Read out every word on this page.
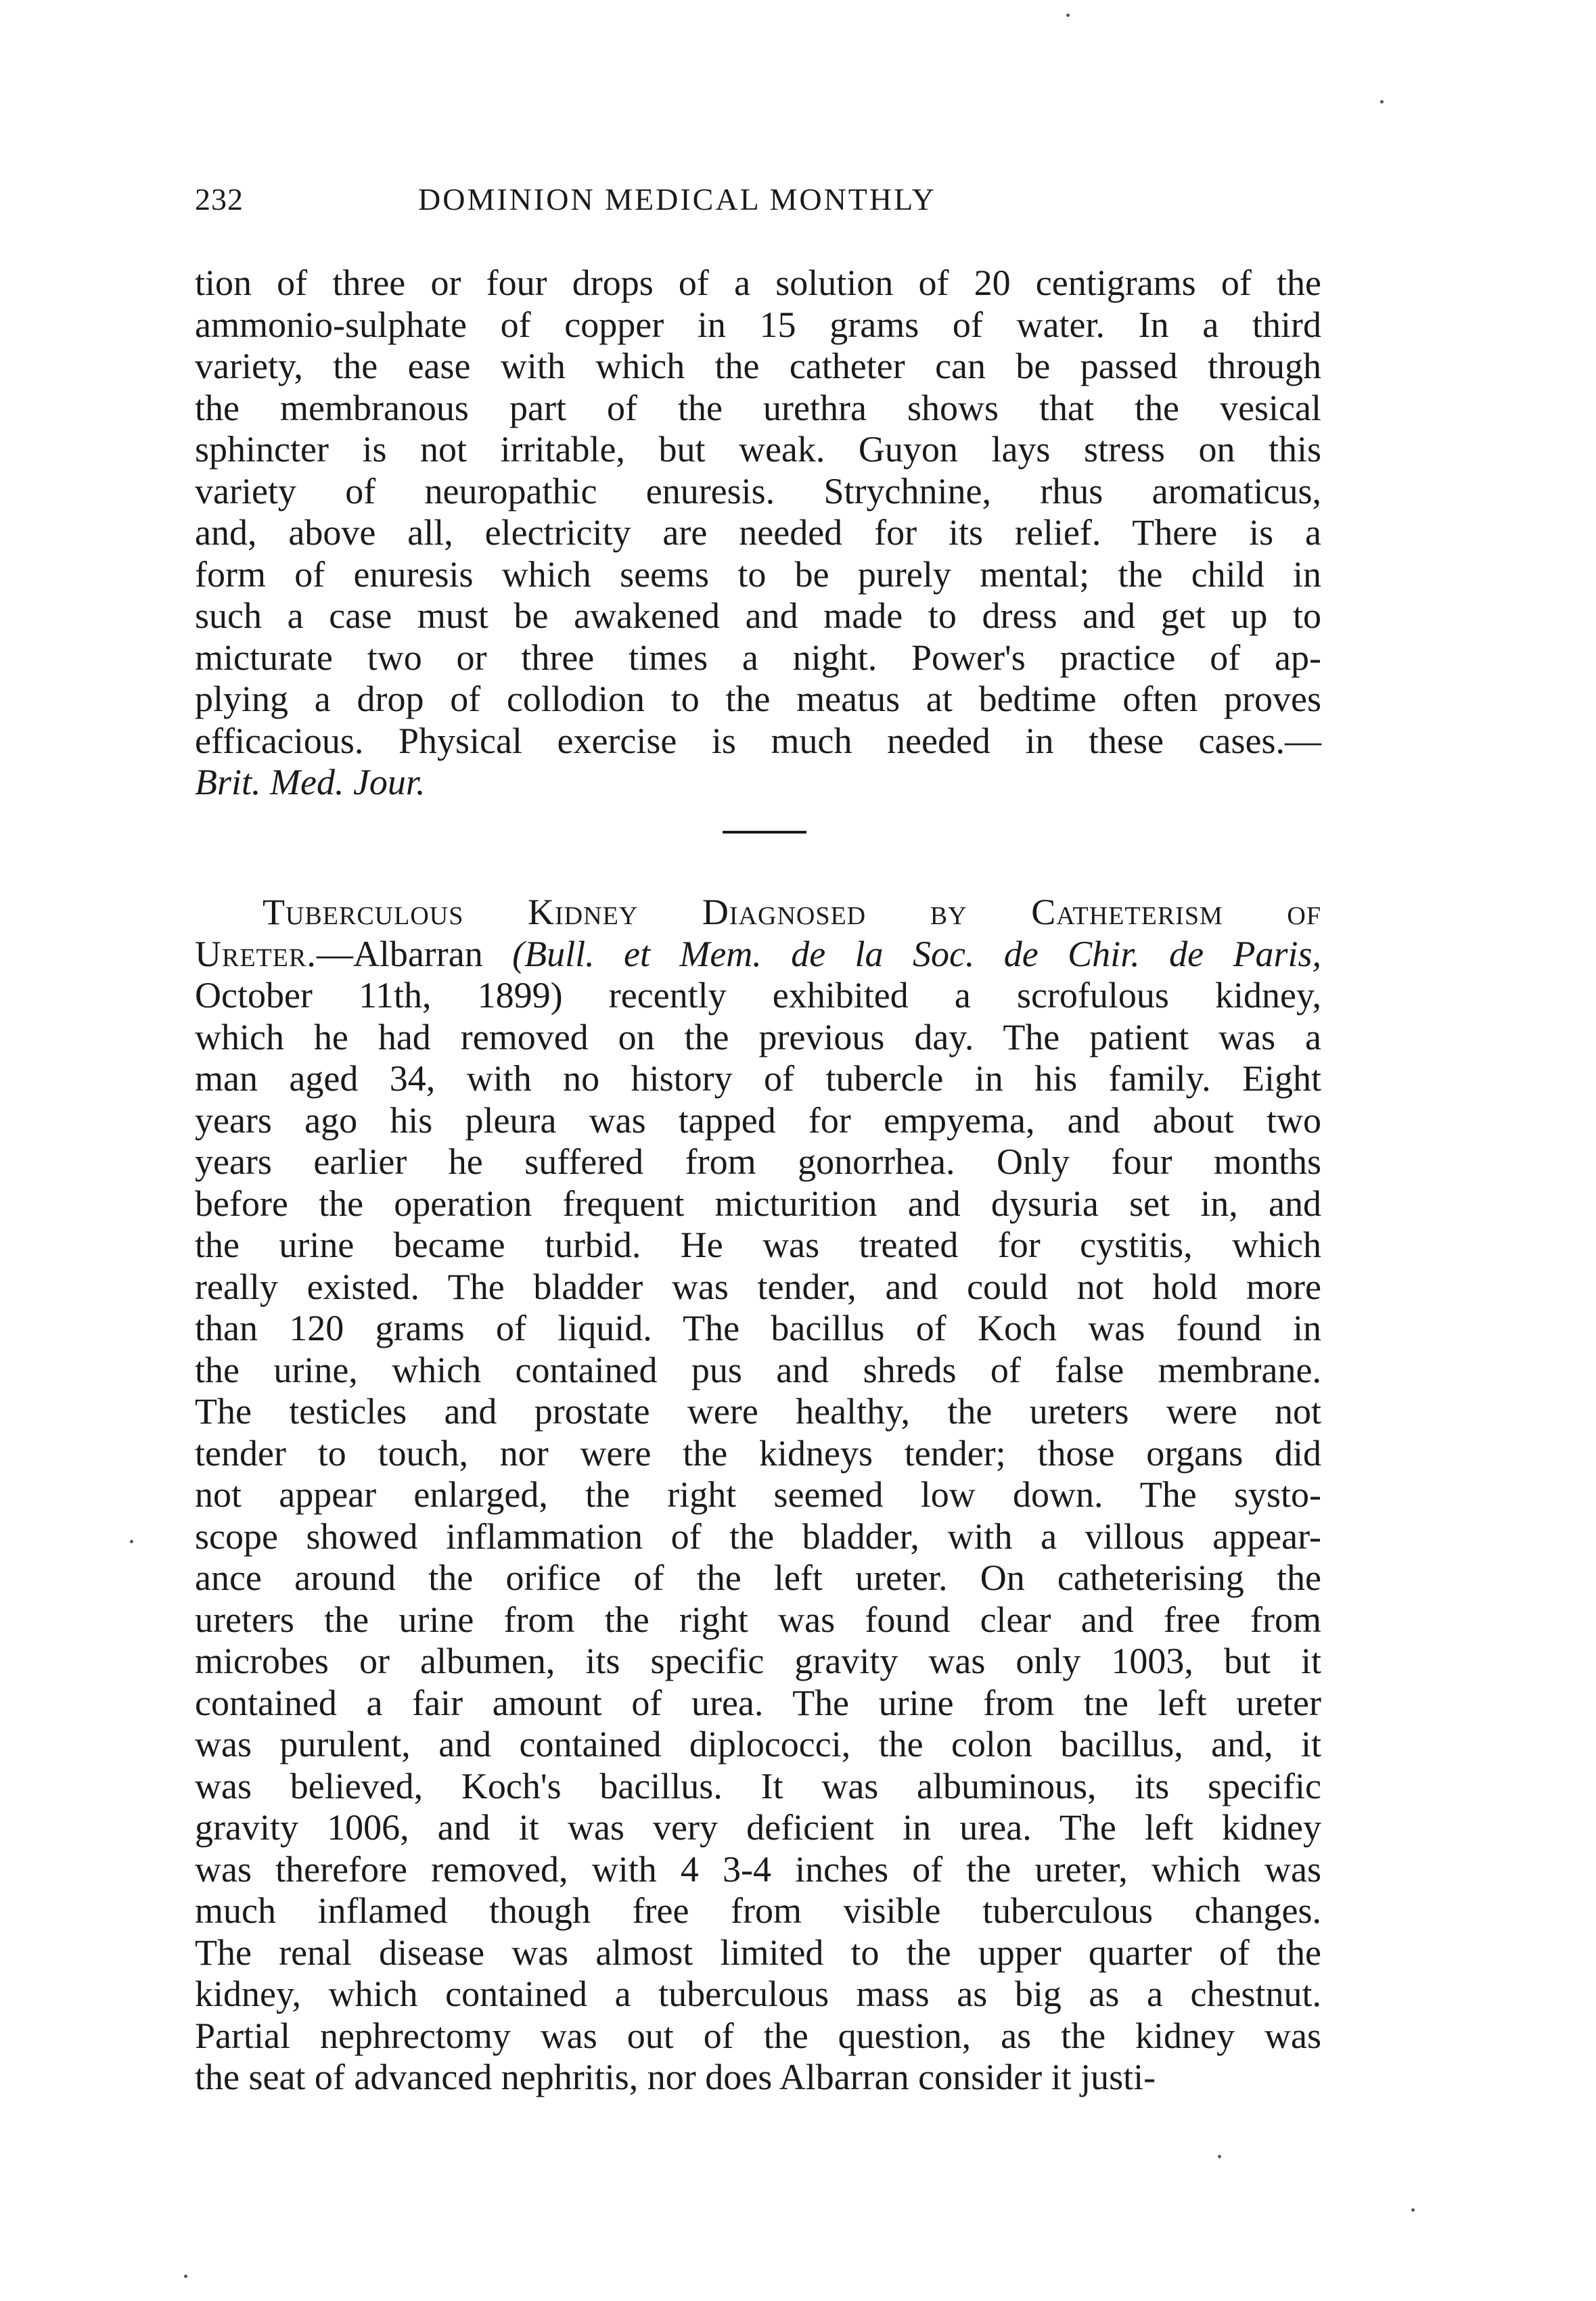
232	DOMINION MEDICAL MONTHLY
tion of three or four drops of a solution of 20 centigrams of the
ammonio-sulphate of copper in 15 grams of water. In a third
variety, the ease with which the catheter can be passed through
the membranous part of the urethra shows that the vesical
sphincter is not irritable, but weak. Guyon lays stress on this
variety of neuropathic enuresis. Strychnine, rhus aromaticus,
and, above all, electricity are needed for its relief. There is a
form of enuresis which seems to be purely mental; the child in
such a case must be awakened and made to dress and get up to
micturate two or three times a night. Power's practice of ap-
plying a drop of collodion to the meatus at bedtime often proves
efficacious. Physical exercise is much needed in these cases.—
Brit. Med. Jour.
Tuberculous Kidney Diagnosed by Catheterism of
Ureter.—Albarran (Bull. et Mem. de la Soc. de Chir. de Paris,
October 11th, 1899) recently exhibited a scrofulous kidney,
which he had removed on the previous day. The patient was a
man aged 34, with no history of tubercle in his family. Eight
years ago his pleura was tapped for empyema, and about two
years earlier he suffered from gonorrhea. Only four months
before the operation frequent micturition and dysuria set in, and
the urine became turbid. He was treated for cystitis, which
really existed. The bladder was tender, and could not hold more
than 120 grams of liquid. The bacillus of Koch was found in
the urine, which contained pus and shreds of false membrane.
The testicles and prostate were healthy, the ureters were not
tender to touch, nor were the kidneys tender; those organs did
not appear enlarged, the right seemed low down. The systo-
scope showed inflammation of the bladder, with a villous appear-
ance around the orifice of the left ureter. On catheterising the
ureters the urine from the right was found clear and free from
microbes or albumen, its specific gravity was only 1003, but it
contained a fair amount of urea. The urine from tne left ureter
was purulent, and contained diplococci, the colon bacillus, and, it
was believed, Koch's bacillus. It was albuminous, its specific
gravity 1006, and it was very deficient in urea. The left kidney
was therefore removed, with 4 3-4 inches of the ureter, which was
much inflamed though free from visible tuberculous changes.
The renal disease was almost limited to the upper quarter of the
kidney, which contained a tuberculous mass as big as a chestnut.
Partial nephrectomy was out of the question, as the kidney was
the seat of advanced nephritis, nor does Albarran consider it justi-
